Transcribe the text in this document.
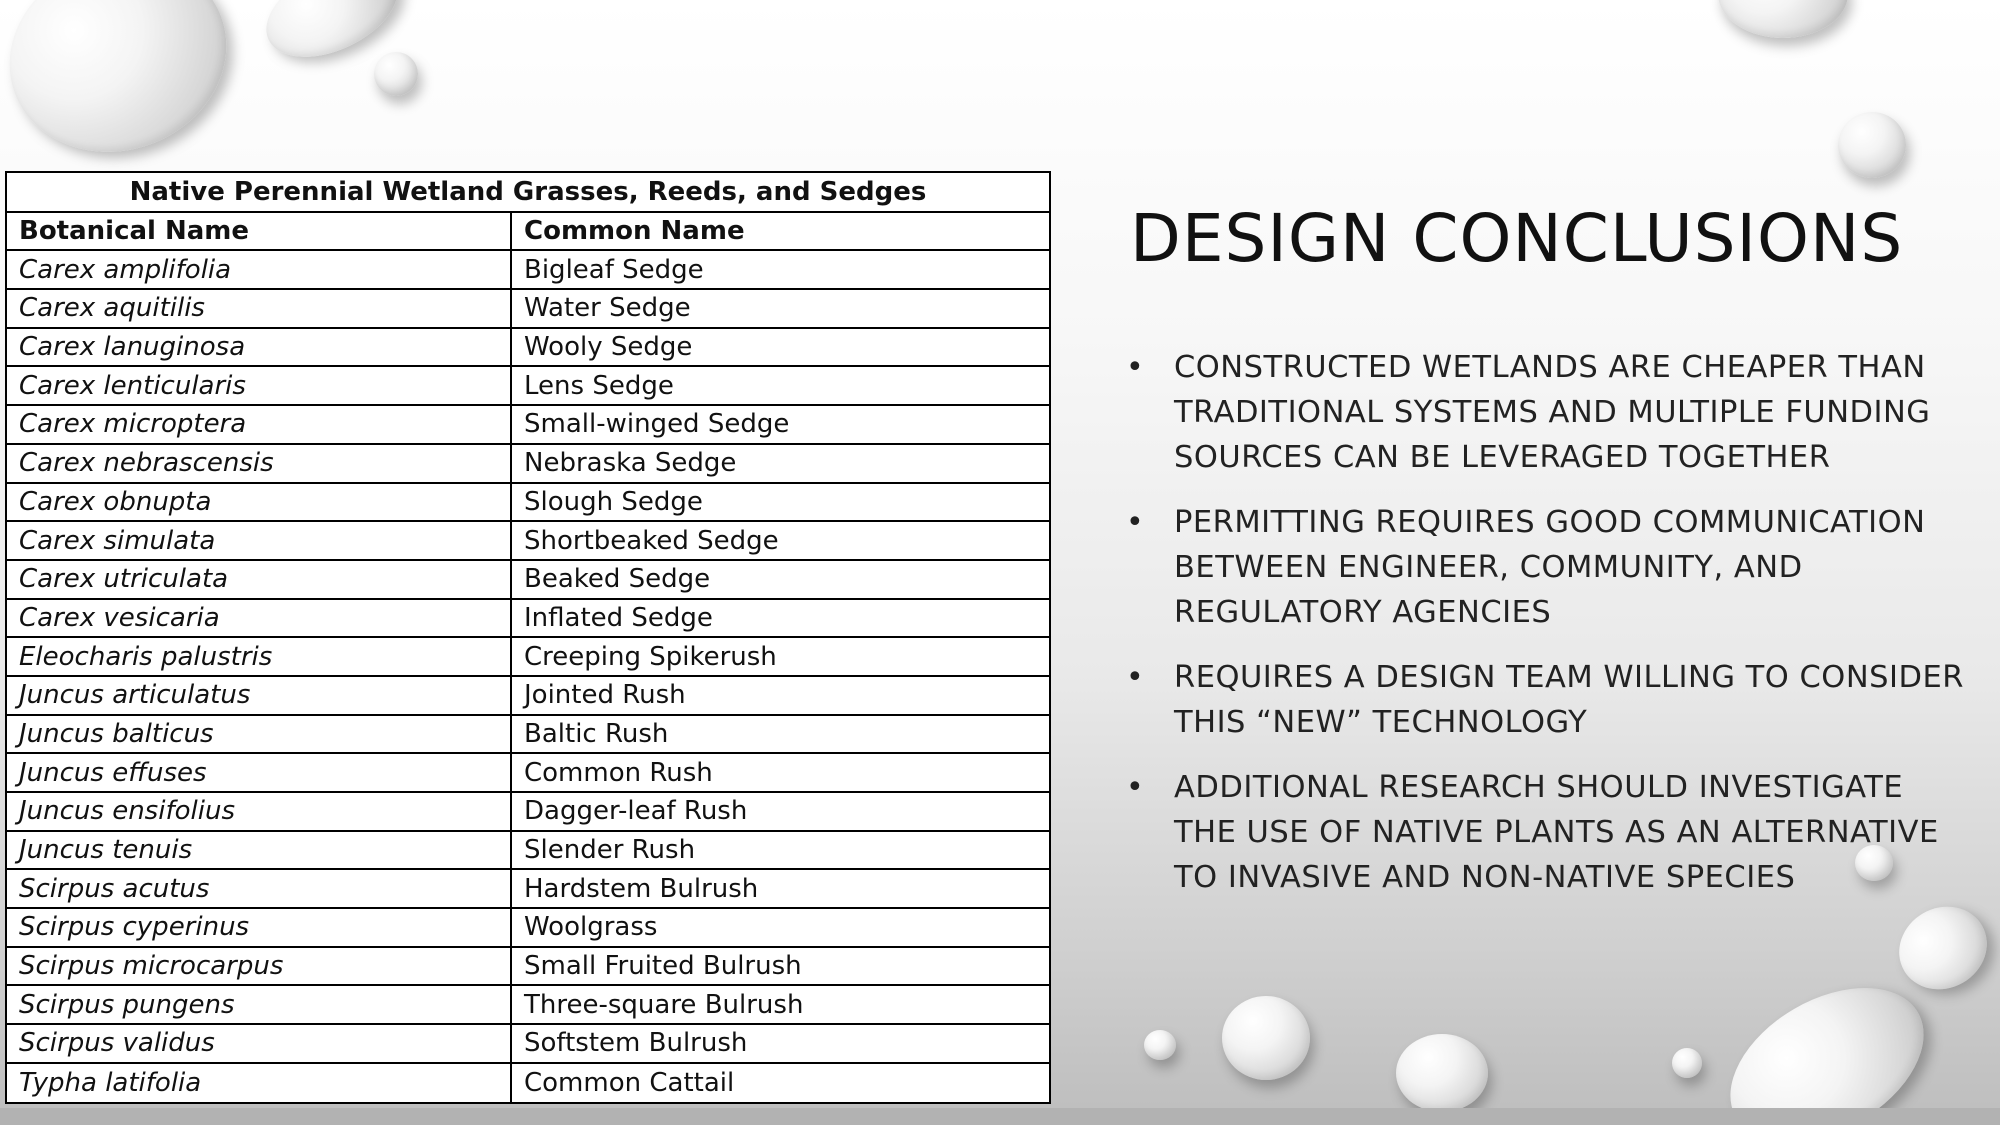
Native Perennial Wetland Grasses, Reeds, and Sedges	
Botanical Name	Common Name
Carex amplifolia	Bigleaf Sedge
Carex aquitilis	Water Sedge
Carex lanuginosa	Wooly Sedge
Carex lenticularis	Lens Sedge
Carex microptera	Small-winged Sedge
Carex nebrascensis	Nebraska Sedge
Carex obnupta	Slough Sedge
Carex simulata	Shortbeaked Sedge
Carex utriculata	Beaked Sedge
Carex vesicaria	Inflated Sedge
Eleocharis palustris	Creeping Spikerush
Juncus articulatus	Jointed Rush
Juncus balticus	Baltic Rush
Juncus effuses	Common Rush
Juncus ensifolius	Dagger-leaf Rush
Juncus tenuis	Slender Rush
Scirpus acutus	Hardstem Bulrush
Scirpus cyperinus	Woolgrass
Scirpus microcarpus	Small Fruited Bulrush
Scirpus pungens	Three-square Bulrush
Scirpus validus	Softstem Bulrush
Typha latifolia	Common Cattail
DESIGN CONCLUSIONS
• CONSTRUCTED WETLANDS ARE CHEAPER THAN TRADITIONAL SYSTEMS AND MULTIPLE FUNDING SOURCES CAN BE LEVERAGED TOGETHER
• PERMITTING REQUIRES GOOD COMMUNICATION BETWEEN ENGINEER, COMMUNITY, AND REGULATORY AGENCIES
• REQUIRES A DESIGN TEAM WILLING TO CONSIDER THIS “NEW” TECHNOLOGY
• ADDITIONAL RESEARCH SHOULD INVESTIGATE THE USE OF NATIVE PLANTS AS AN ALTERNATIVE TO INVASIVE AND NON-NATIVE SPECIES
